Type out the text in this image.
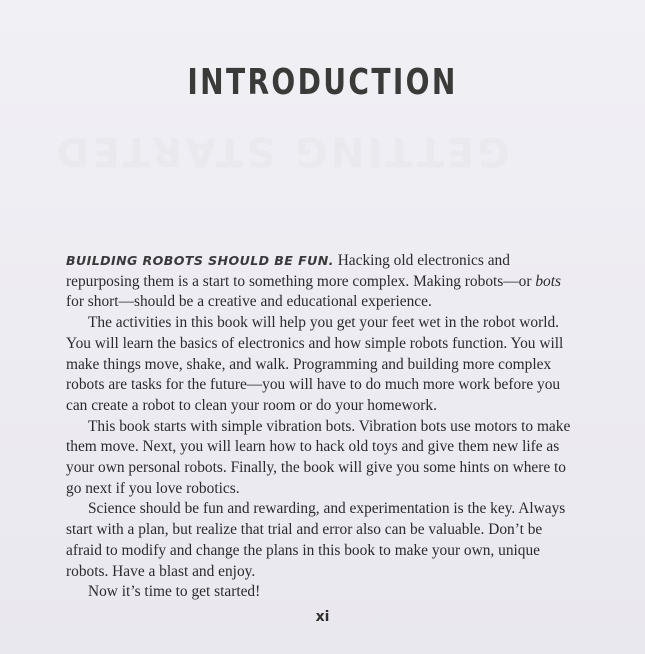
GETTING STARTED
INTRODUCTION

BUILDING ROBOTS SHOULD BE FUN. Hacking old electronics and repurposing them is a start to something more complex. Making robots—or bots for short—should be a creative and educational experience.

The activities in this book will help you get your feet wet in the robot world. You will learn the basics of electronics and how simple robots function. You will make things move, shake, and walk. Programming and building more complex robots are tasks for the future—you will have to do much more work before you can create a robot to clean your room or do your homework.

This book starts with simple vibration bots. Vibration bots use motors to make them move. Next, you will learn how to hack old toys and give them new life as your own personal robots. Finally, the book will give you some hints on where to go next if you love robotics.

Science should be fun and rewarding, and experimentation is the key. Always start with a plan, but realize that trial and error also can be valuable. Don’t be afraid to modify and change the plans in this book to make your own, unique robots. Have a blast and enjoy.

Now it’s time to get started!

xi
